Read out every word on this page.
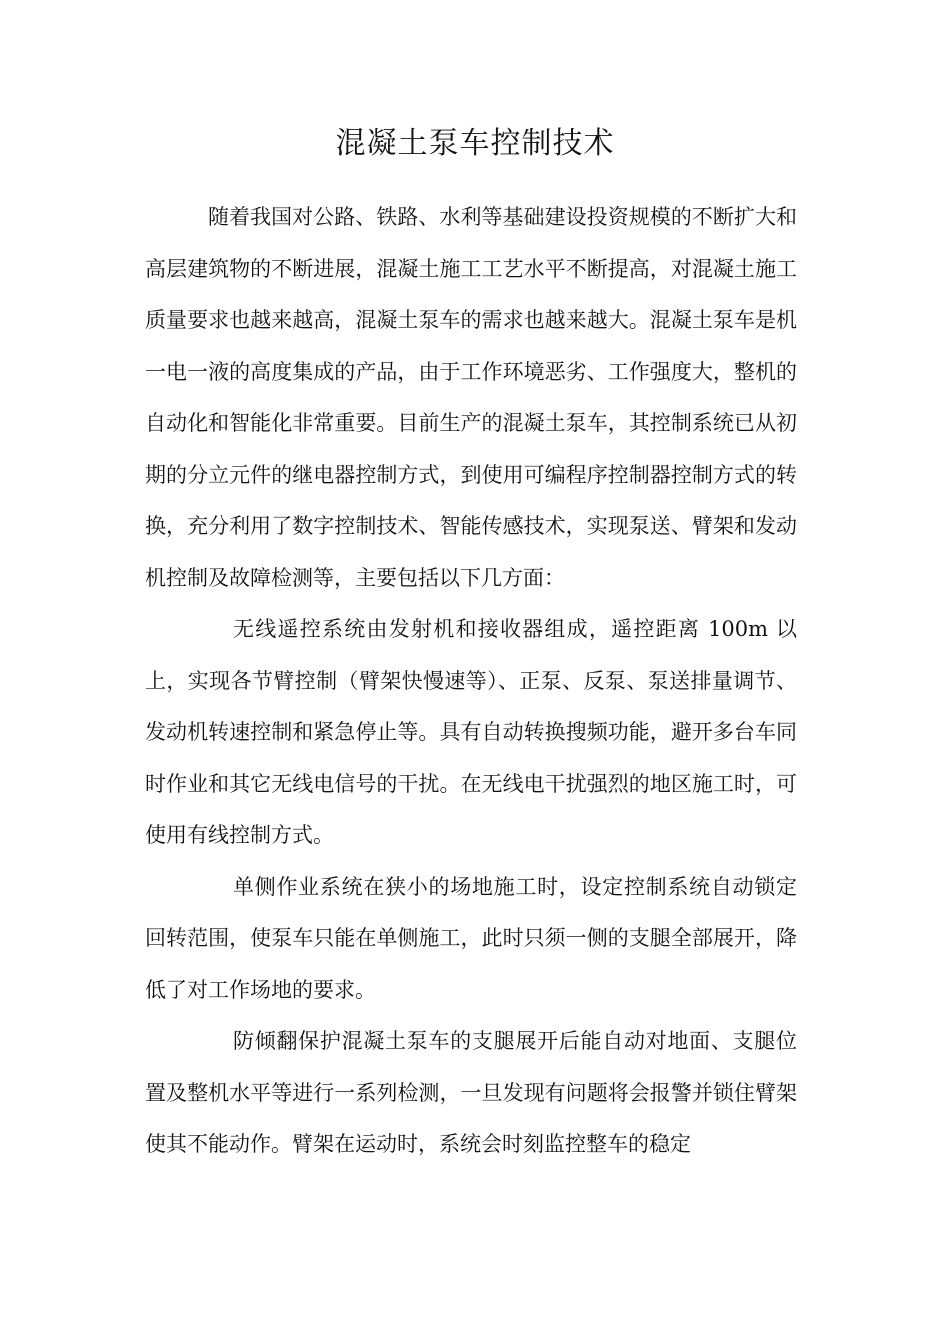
混凝土泵车控制技术

随着我国对公路、铁路、水利等基础建设投资规模的不断扩大和高层建筑物的不断进展，混凝土施工工艺水平不断提高，对混凝土施工质量要求也越来越高，混凝土泵车的需求也越来越大。混凝土泵车是机一电一液的高度集成的产品，由于工作环境恶劣、工作强度大，整机的自动化和智能化非常重要。目前生产的混凝土泵车，其控制系统已从初期的分立元件的继电器控制方式，到使用可编程序控制器控制方式的转换，充分利用了数字控制技术、智能传感技术，实现泵送、臂架和发动机控制及故障检测等，主要包括以下几方面：

无线遥控系统由发射机和接收器组成，遥控距离 100m 以上，实现各节臂控制（臂架快慢速等）、正泵、反泵、泵送排量调节、发动机转速控制和紧急停止等。具有自动转换搜频功能，避开多台车同时作业和其它无线电信号的干扰。在无线电干扰强烈的地区施工时，可使用有线控制方式。

单侧作业系统在狭小的场地施工时，设定控制系统自动锁定回转范围，使泵车只能在单侧施工，此时只须一侧的支腿全部展开，降低了对工作场地的要求。

防倾翻保护混凝土泵车的支腿展开后能自动对地面、支腿位置及整机水平等进行一系列检测，一旦发现有问题将会报警并锁住臂架使其不能动作。臂架在运动时，系统会时刻监控整车的稳定
